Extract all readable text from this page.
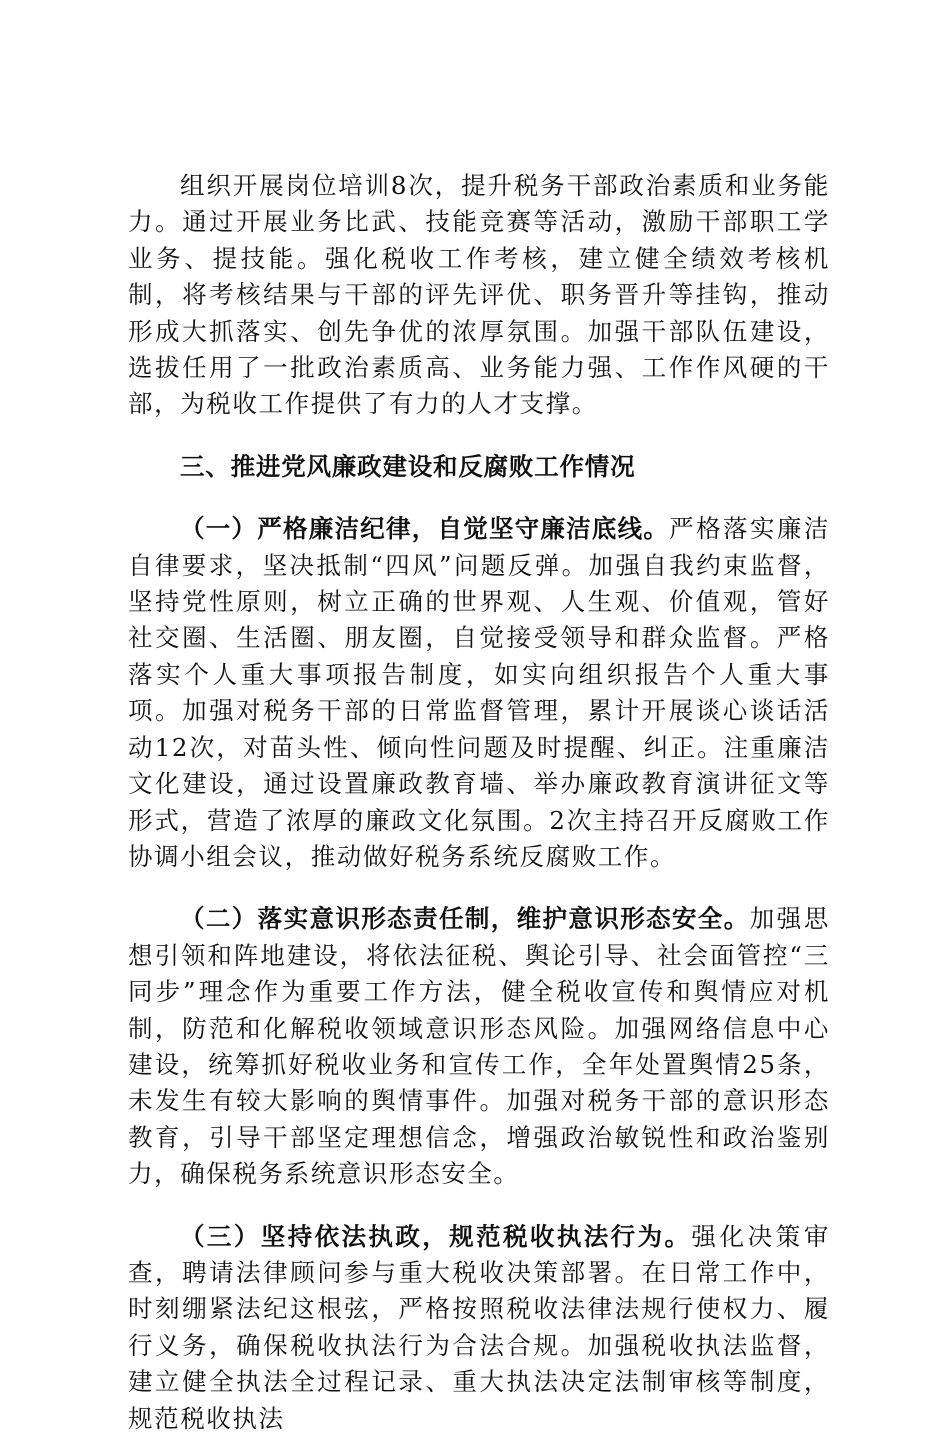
组织开展岗位培训8次，提升税务干部政治素质和业务能力。通过开展业务比武、技能竞赛等活动，激励干部职工学业务、提技能。强化税收工作考核，建立健全绩效考核机制，将考核结果与干部的评先评优、职务晋升等挂钩，推动形成大抓落实、创先争优的浓厚氛围。加强干部队伍建设，选拔任用了一批政治素质高、业务能力强、工作作风硬的干部，为税收工作提供了有力的人才支撑。

三、推进党风廉政建设和反腐败工作情况

（一）严格廉洁纪律，自觉坚守廉洁底线。严格落实廉洁自律要求，坚决抵制“四风”问题反弹。加强自我约束监督，坚持党性原则，树立正确的世界观、人生观、价值观，管好社交圈、生活圈、朋友圈，自觉接受领导和群众监督。严格落实个人重大事项报告制度，如实向组织报告个人重大事项。加强对税务干部的日常监督管理，累计开展谈心谈话活动12次，对苗头性、倾向性问题及时提醒、纠正。注重廉洁文化建设，通过设置廉政教育墙、举办廉政教育演讲征文等形式，营造了浓厚的廉政文化氛围。2次主持召开反腐败工作协调小组会议，推动做好税务系统反腐败工作。

（二）落实意识形态责任制，维护意识形态安全。加强思想引领和阵地建设，将依法征税、舆论引导、社会面管控“三同步”理念作为重要工作方法，健全税收宣传和舆情应对机制，防范和化解税收领域意识形态风险。加强网络信息中心建设，统筹抓好税收业务和宣传工作，全年处置舆情25条，未发生有较大影响的舆情事件。加强对税务干部的意识形态教育，引导干部坚定理想信念，增强政治敏锐性和政治鉴别力，确保税务系统意识形态安全。

（三）坚持依法执政，规范税收执法行为。强化决策审查，聘请法律顾问参与重大税收决策部署。在日常工作中，时刻绷紧法纪这根弦，严格按照税收法律法规行使权力、履行义务，确保税收执法行为合法合规。加强税收执法监督，建立健全执法全过程记录、重大执法决定法制审核等制度，规范税收执法
